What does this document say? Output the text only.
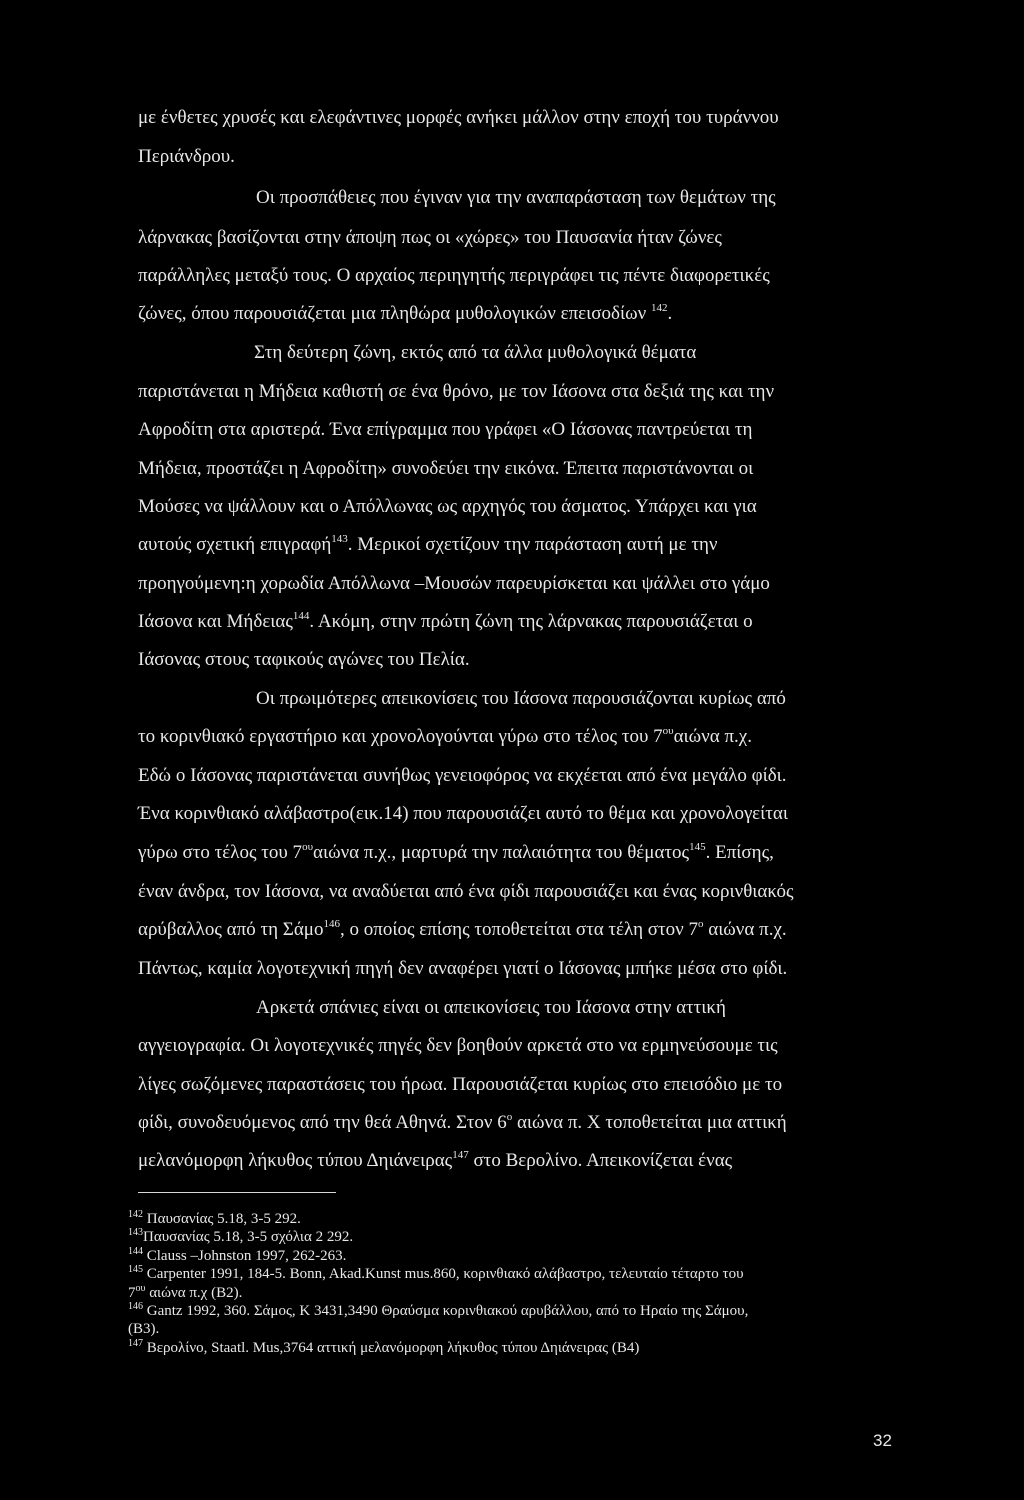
με ένθετες χρυσές και ελεφάντινες μορφές ανήκει μάλλον στην εποχή του τυράννου
Περιάνδρου.
Οι προσπάθειες που έγιναν για την αναπαράσταση των θεμάτων της
λάρνακας βασίζονται στην άποψη πως οι «χώρες» του Παυσανία ήταν ζώνες
παράλληλες μεταξύ τους. Ο αρχαίος περιηγητής περιγράφει τις πέντε διαφορετικές
ζώνες, όπου παρουσιάζεται μια πληθώρα μυθολογικών επεισοδίων $^{142}$.
Στη δεύτερη ζώνη, εκτός από τα άλλα μυθολογικά θέματα
παριστάνεται η Μήδεια καθιστή σε ένα θρόνο, με τον Ιάσονα στα δεξιά της και την
Αφροδίτη στα αριστερά. Ένα επίγραμμα που γράφει «Ο Ιάσονας παντρεύεται τη
Μήδεια, προστάζει η Αφροδίτη» συνοδεύει την εικόνα. Έπειτα παριστάνονται οι
Μούσες να ψάλλουν και ο Απόλλωνας ως αρχηγός του άσματος. Υπάρχει και για
αυτούς σχετική επιγραφή$^{143}$. Μερικοί σχετίζουν την παράσταση αυτή με την
προηγούμενη:η χορωδία Απόλλωνα –Μουσών παρευρίσκεται και ψάλλει στο γάμο
Ιάσονα και Μήδειας$^{144}$. Ακόμη, στην πρώτη ζώνη της λάρνακας παρουσιάζεται ο
Ιάσονας στους ταφικούς αγώνες του Πελία.
Οι πρωιμότερες απεικονίσεις του Ιάσονα παρουσιάζονται κυρίως από
το κορινθιακό εργαστήριο και χρονολογούνται γύρω στο τέλος του $7^{o\upsilon}\alpha\iota ώ\nu\alpha$ π.χ.
Εδώ ο Ιάσονας παριστάνεται συνήθως γενειοφόρος να εκχέεται από ένα μεγάλο φίδι.
Ένα κορινθιακό αλάβαστρο(εικ.14) που παρουσιάζει αυτό το θέμα και χρονολογείται
γύρω στο τέλος του $7^{o\upsilon}\alpha\iota ώ\nu\alpha$ π.χ., μαρτυρά την παλαιότητα του θέματος$^{145}$. Επίσης,
έναν άνδρα, τον Ιάσονα, να αναδύεται από ένα φίδι παρουσιάζει και ένας κορινθιακός
αρύβαλλος από τη Σάμο$^{146}$, ο οποίος επίσης τοποθετείται στα τέλη στον $7^o$ αιώνα π.χ.
Πάντως, καμία λογοτεχνική πηγή δεν αναφέρει γιατί ο Ιάσονας μπήκε μέσα στο φίδι.
Αρκετά σπάνιες είναι οι απεικονίσεις του Ιάσονα στην αττική
αγγειογραφία. Οι λογοτεχνικές πηγές δεν βοηθούν αρκετά στο να ερμηνεύσουμε τις
λίγες σωζόμενες παραστάσεις του ήρωα. Παρουσιάζεται κυρίως στο επεισόδιο με το
φίδι, συνοδευόμενος από την θεά Αθηνά. Στον $6^o$ αιώνα π. Χ τοποθετείται μια αττική
μελανόμορφη λήκυθος τύπου Δηιάνειρας$^{147}$ στο Βερολίνο. Απεικονίζεται ένας
$^{142}$ Παυσανίας 5.18, 3-5 292.
$^{143}$Παυσανίας 5.18, 3-5 σχόλια 2 292.
$^{144}$ Clauss –Johnston 1997, 262-263.
$^{145}$ Carpenter 1991, 184-5. Bonn, Akad.Kunst mus.860, κορινθιακό αλάβαστρο, τελευταίο τέταρτο του
$7^{o\upsilon}$ αιώνα π.χ (B2).
$^{146}$ Gantz 1992, 360. Σάμος, Κ 3431,3490 Θραύσμα κορινθιακού αρυβάλλου, από το Ηραίο της Σάμου,
(B3).
$^{147}$ Βερολίνο, Staatl. Mus,3764 αττική μελανόμορφη λήκυθος τύπου Δηιάνειρας (B4)
32
